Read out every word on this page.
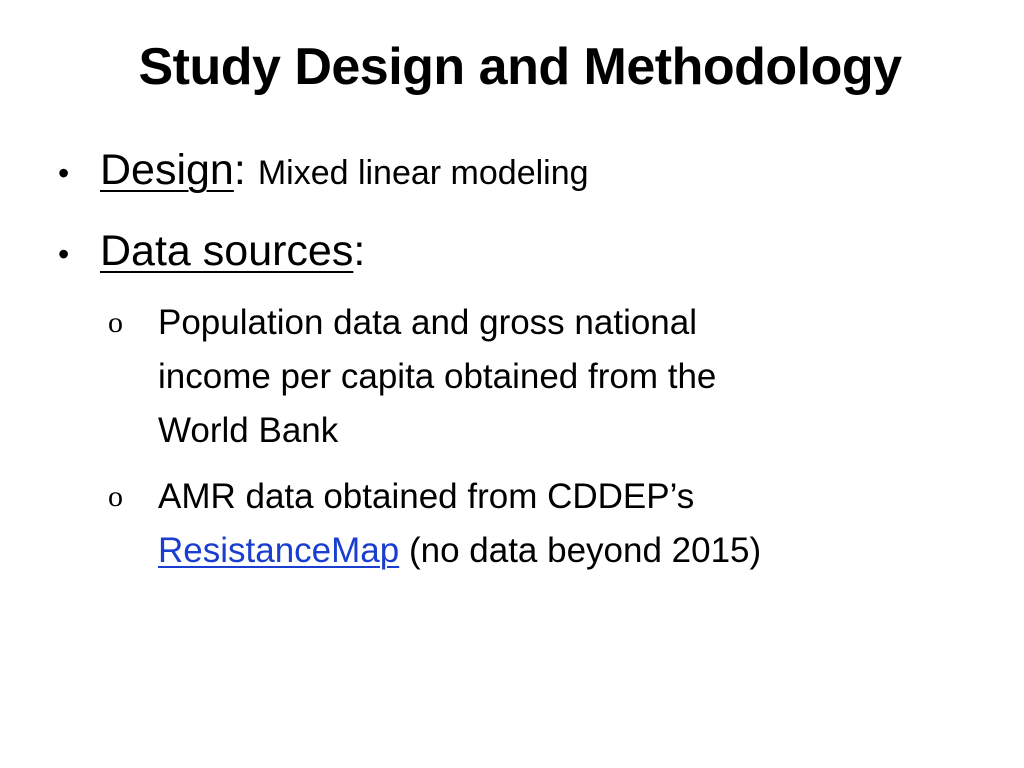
Study Design and Methodology
• Design : Mixed linear modeling
• Data sources :
o	Population data and gross national
income per capita obtained from the
World Bank
o	AMR data obtained from CDDEP’s
ResistanceMap (no data beyond 2015)
